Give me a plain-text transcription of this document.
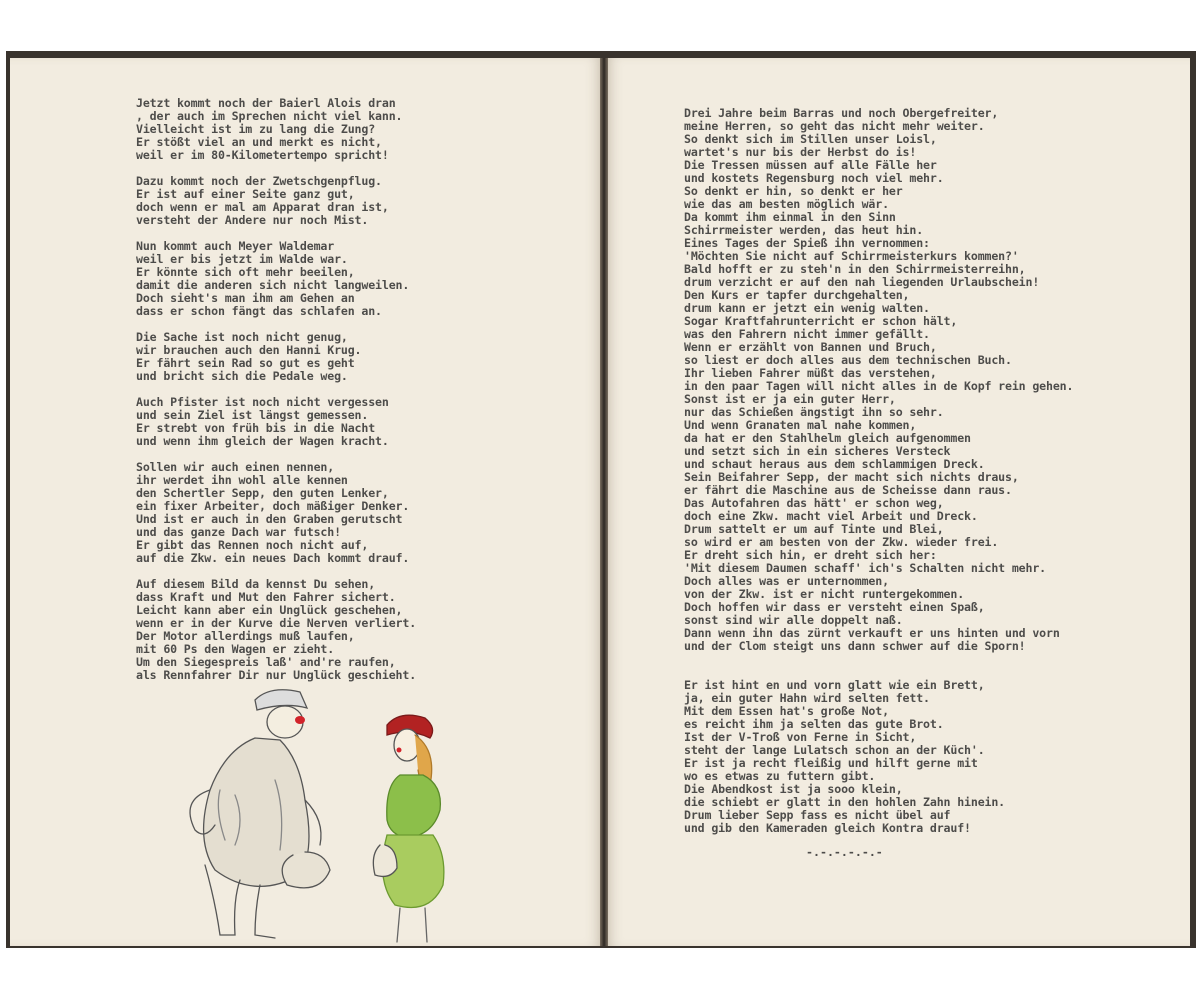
Jetzt kommt noch der Baierl Alois dran
, der auch im Sprechen nicht viel kann.
Vielleicht ist im zu lang die Zung?
Er stößt viel an und merkt es nicht,
weil er im 80-Kilometertempo spricht!
Dazu kommt noch der Zwetschgenpflug.
Er ist auf einer Seite ganz gut,
doch wenn er mal am Apparat dran ist,
versteht der Andere nur noch Mist.
Nun kommt auch Meyer Waldemar
weil er bis jetzt im Walde war.
Er könnte sich oft mehr beeilen,
damit die anderen sich nicht langweilen.
Doch sieht's man ihm am Gehen an
dass er schon fängt das schlafen an.
Die Sache ist noch nicht genug,
wir brauchen auch den Hanni Krug.
Er fährt sein Rad so gut es geht
und bricht sich die Pedale weg.
Auch Pfister ist noch nicht vergessen
und sein Ziel ist längst gemessen.
Er strebt von früh bis in die Nacht
und wenn ihm gleich der Wagen kracht.
Sollen wir auch einen nennen,
ihr werdet ihn wohl alle kennen
den Schertler Sepp, den guten Lenker,
ein fixer Arbeiter, doch mäßiger Denker.
Und ist er auch in den Graben gerutscht
und das ganze Dach war futsch!
Er gibt das Rennen noch nicht auf,
auf die Zkw. ein neues Dach kommt drauf.
Auf diesem Bild da kennst Du sehen,
dass Kraft und Mut den Fahrer sichert.
Leicht kann aber ein Unglück geschehen,
wenn er in der Kurve die Nerven verliert.
Der Motor allerdings muß laufen,
mit 60 Ps den Wagen er zieht.
Um den Siegespreis laß' and're raufen,
als Rennfahrer Dir nur Unglück geschieht.
Drei Jahre beim Barras und noch Obergefreiter,
meine Herren, so geht das nicht mehr weiter.
So denkt sich im Stillen unser Loisl,
wartet's nur bis der Herbst do is!
Die Tressen müssen auf alle Fälle her
und kostets Regensburg noch viel mehr.
So denkt er hin, so denkt er her
wie das am besten möglich wär.
Da kommt ihm einmal in den Sinn
Schirrmeister werden, das heut hin.
Eines Tages der Spieß ihn vernommen:
'Möchten Sie nicht auf Schirrmeisterkurs kommen?'
Bald hofft er zu steh'n in den Schirrmeisterreihn,
drum verzicht er auf den nah liegenden Urlaubschein!
Den Kurs er tapfer durchgehalten,
drum kann er jetzt ein wenig walten.
Sogar Kraftfahrunterricht er schon hält,
was den Fahrern nicht immer gefällt.
Wenn er erzählt von Bannen und Bruch,
so liest er doch alles aus dem technischen Buch.
Ihr lieben Fahrer müßt das verstehen,
in den paar Tagen will nicht alles in de Kopf rein gehen.
Sonst ist er ja ein guter Herr,
nur das Schießen ängstigt ihn so sehr.
Und wenn Granaten mal nahe kommen,
da hat er den Stahlhelm gleich aufgenommen
und setzt sich in ein sicheres Versteck
und schaut heraus aus dem schlammigen Dreck.
Sein Beifahrer Sepp, der macht sich nichts draus,
er fährt die Maschine aus de Scheisse dann raus.
Das Autofahren das hätt' er schon weg,
doch eine Zkw. macht viel Arbeit und Dreck.
Drum sattelt er um auf Tinte und Blei,
so wird er am besten von der Zkw. wieder frei.
Er dreht sich hin, er dreht sich her:
'Mit diesem Daumen schaff' ich's Schalten nicht mehr.
Doch alles was er unternommen,
von der Zkw. ist er nicht runtergekommen.
Doch hoffen wir dass er versteht einen Spaß,
sonst sind wir alle doppelt naß.
Dann wenn ihn das zürnt verkauft er uns hinten und vorn
und der Clom steigt uns dann schwer auf die Sporn!
Er ist hint en und vorn glatt wie ein Brett,
ja, ein guter Hahn wird selten fett.
Mit dem Essen hat's große Not,
es reicht ihm ja selten das gute Brot.
Ist der V-Troß von Ferne in Sicht,
steht der lange Lulatsch schon an der Küch'.
Er ist ja recht fleißig und hilft gerne mit
wo es etwas zu futtern gibt.
Die Abendkost ist ja sooo klein,
die schiebt er glatt in den hohlen Zahn hinein.
Drum lieber Sepp fass es nicht übel auf
und gib den Kameraden gleich Kontra drauf!
-.-.-.-.-.-
